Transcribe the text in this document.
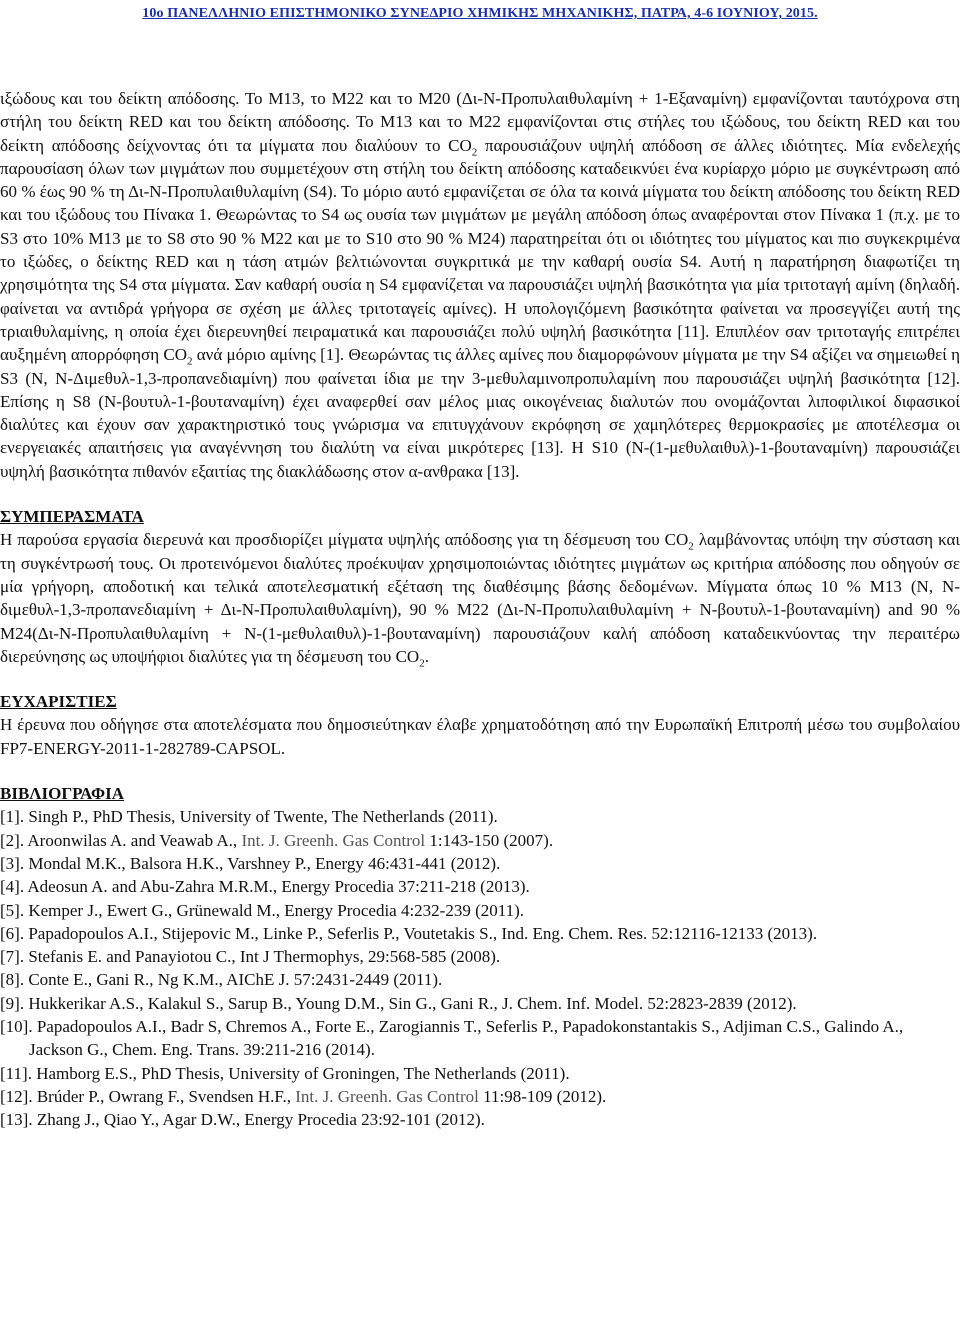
10ο ΠΑΝΕΛΛΗΝΙΟ ΕΠΙΣΤΗΜΟΝΙΚΟ ΣΥΝΕΔΡΙΟ ΧΗΜΙΚΗΣ ΜΗΧΑΝΙΚΗΣ, ΠΑΤΡΑ, 4-6 ΙΟΥΝΙΟΥ, 2015.

ιξώδους και του δείκτη απόδοσης. Το Μ13, το Μ22 και το Μ20 (Δι-Ν-Προπυλαιθυλαμίνη + 1-Εξαναμίνη) εμφανίζονται ταυτόχρονα στη στήλη του δείκτη RED και του δείκτη απόδοσης. Το Μ13 και το Μ22 εμφανίζονται στις στήλες του ιξώδους, του δείκτη RED και του δείκτη απόδοσης δείχνοντας ότι τα μίγματα που διαλύουν το $CO_2$ παρουσιάζουν υψηλή απόδοση σε άλλες ιδιότητες. Μία ενδελεχής παρουσίαση όλων των μιγμάτων που συμμετέχουν στη στήλη του δείκτη απόδοσης καταδεικνύει ένα κυρίαρχο μόριο με συγκέντρωση από 60 % έως 90 % τη Δι-Ν-Προπυλαιθυλαμίνη (S4). Το μόριο αυτό εμφανίζεται σε όλα τα κοινά μίγματα του δείκτη απόδοσης του δείκτη RED και του ιξώδους του Πίνακα 1. Θεωρώντας το S4 ως ουσία των μιγμάτων με μεγάλη απόδοση όπως αναφέρονται στον Πίνακα 1 (π.χ. με το S3 στο 10% Μ13 με το S8 στο 90 % Μ22 και με το S10 στο 90 % Μ24) παρατηρείται ότι οι ιδιότητες του μίγματος και πιο συγκεκριμένα το ιξώδες, ο δείκτης RED και η τάση ατμών βελτιώνονται συγκριτικά με την καθαρή ουσία S4. Αυτή η παρατήρηση διαφωτίζει τη χρησιμότητα της S4 στα μίγματα. Σαν καθαρή ουσία η S4 εμφανίζεται να παρουσιάζει υψηλή βασικότητα για μία τριτοταγή αμίνη (δηλαδή. φαίνεται να αντιδρά γρήγορα σε σχέση με άλλες τριτοταγείς αμίνες). Η υπολογιζόμενη βασικότητα φαίνεται να προσεγγίζει αυτή της τριαιθυλαμίνης, η οποία έχει διερευνηθεί πειραματικά και παρουσιάζει πολύ υψηλή βασικότητα [11]. Επιπλέον σαν τριτοταγής επιτρέπει αυξημένη απορρόφηση $CO_2$ ανά μόριο αμίνης [1]. Θεωρώντας τις άλλες αμίνες που διαμορφώνουν μίγματα με την S4 αξίζει να σημειωθεί η S3 (Ν, Ν-Διμεθυλ-1,3-προπανεδιαμίνη) που φαίνεται ίδια με την 3-μεθυλαμινοπροπυλαμίνη που παρουσιάζει υψηλή βασικότητα [12]. Επίσης η S8 (Ν-βουτυλ-1-βουταναμίνη) έχει αναφερθεί σαν μέλος μιας οικογένειας διαλυτών που ονομάζονται λιποφιλικοί διφασικοί διαλύτες και έχουν σαν χαρακτηριστικό τους γνώρισμα να επιτυγχάνουν εκρόφηση σε χαμηλότερες θερμοκρασίες με αποτέλεσμα οι ενεργειακές απαιτήσεις για αναγέννηση του διαλύτη να είναι μικρότερες [13]. Η S10 (Ν-(1-μεθυλαιθυλ)-1-βουταναμίνη) παρουσιάζει υψηλή βασικότητα πιθανόν εξαιτίας της διακλάδωσης στον α-ανθρακα [13].

ΣΥΜΠΕΡΑΣΜΑΤΑ

Η παρούσα εργασία διερευνά και προσδιορίζει μίγματα υψηλής απόδοσης για τη δέσμευση του $CO_2$ λαμβάνοντας υπόψη την σύσταση και τη συγκέντρωσή τους. Οι προτεινόμενοι διαλύτες προέκυψαν χρησιμοποιώντας ιδιότητες μιγμάτων ως κριτήρια απόδοσης που οδηγούν σε μία γρήγορη, αποδοτική και τελικά αποτελεσματική εξέταση της διαθέσιμης βάσης δεδομένων. Μίγματα όπως 10 % Μ13 (N, Ν-διμεθυλ-1,3-προπανεδιαμίνη + Δι-Ν-Προπυλαιθυλαμίνη), 90 % Μ22 (Δι-Ν-Προπυλαιθυλαμίνη + Ν-βουτυλ-1-βουταναμίνη) and 90 % Μ24(Δι-Ν-Προπυλαιθυλαμίνη + Ν-(1-μεθυλαιθυλ)-1-βουταναμίνη) παρουσιάζουν καλή απόδοση καταδεικνύοντας την περαιτέρω διερεύνησης ως υποψήφιοι διαλύτες για τη δέσμευση του $CO_2$.

ΕΥΧΑΡΙΣΤΙΕΣ

Η έρευνα που οδήγησε στα αποτελέσματα που δημοσιεύτηκαν έλαβε χρηματοδότηση από την Ευρωπαϊκή Επιτροπή μέσω του συμβολαίου FP7-ENERGY-2011-1-282789-CAPSOL.

ΒΙΒΛΙΟΓΡΑΦΙΑ
[1]. Singh P., PhD Thesis, University of Twente, The Netherlands (2011).
[2]. Aroonwilas A. and Veawab A., Int. J. Greenh. Gas Control 1:143-150 (2007).
[3]. Mondal M.K., Balsora H.K., Varshney P., Energy 46:431-441 (2012).
[4]. Adeosun A. and Abu-Zahra M.R.M., Energy Procedia 37:211-218 (2013).
[5]. Kemper J., Ewert G., Grünewald M., Energy Procedia 4:232-239 (2011).
[6]. Papadopoulos A.I., Stijepovic M., Linke P., Seferlis P., Voutetakis S., Ind. Eng. Chem. Res. 52:12116-12133 (2013).
[7]. Stefanis E. and Panayiotou C., Int J Thermophys, 29:568-585 (2008).
[8]. Conte E., Gani R., Ng K.M., AIChE J. 57:2431-2449 (2011).
[9]. Hukkerikar A.S., Kalakul S., Sarup B., Young D.M., Sin G., Gani R., J. Chem. Inf. Model. 52:2823-2839 (2012).
[10]. Papadopoulos A.I., Badr S, Chremos A., Forte E., Zarogiannis T., Seferlis P., Papadokonstantakis S., Adjiman C.S., Galindo A., Jackson G., Chem. Eng. Trans. 39:211-216 (2014).
[11]. Hamborg E.S., PhD Thesis, University of Groningen, The Netherlands (2011).
[12]. Brúder P., Owrang F., Svendsen H.F., Int. J. Greenh. Gas Control 11:98-109 (2012).
[13]. Zhang J., Qiao Y., Agar D.W., Energy Procedia 23:92-101 (2012).
